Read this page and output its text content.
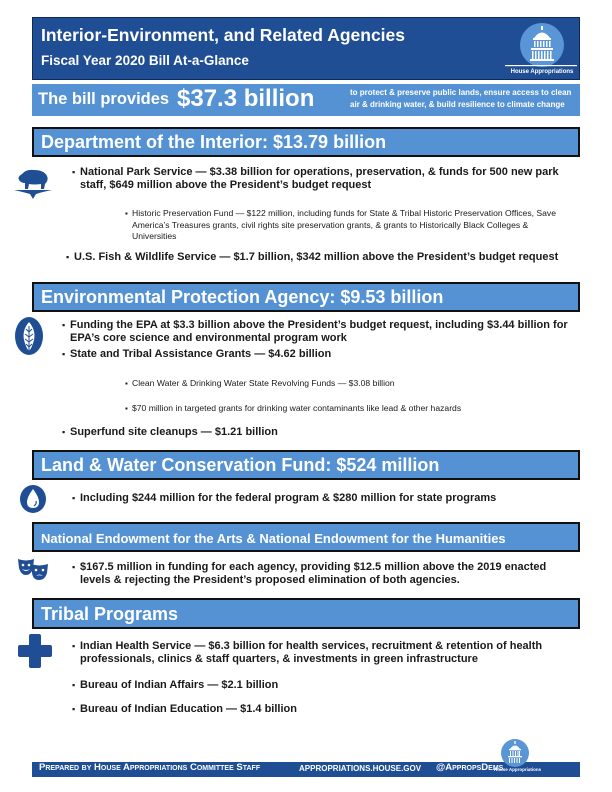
Interior-Environment, and Related Agencies
Fiscal Year 2020 Bill At-a-Glance
House Appropriations
The bill provides $37.3 billion	to protect & preserve public lands, ensure access to clean air & drinking water, & build resilience to climate change
Department of the Interior: $13.79 billion
▪ National Park Service — $3.38 billion for operations, preservation, & funds for 500 new park staff, $649 million above the President’s budget request
▪ Historic Preservation Fund — $122 million, including funds for State & Tribal Historic Preservation Offices, Save America’s Treasures grants, civil rights site preservation grants, & grants to Historically Black Colleges & Universities
▪ U.S. Fish & Wildlife Service — $1.7 billion, $342 million above the President’s budget request
Environmental Protection Agency: $9.53 billion
▪ Funding the EPA at $3.3 billion above the President’s budget request, including $3.44 billion for EPA’s core science and environmental program work
▪ State and Tribal Assistance Grants — $4.62 billion
▪ Clean Water & Drinking Water State Revolving Funds — $3.08 billion
▪ $70 million in targeted grants for drinking water contaminants like lead & other hazards
▪ Superfund site cleanups — $1.21 billion
Land & Water Conservation Fund: $524 million
▪ Including $244 million for the federal program & $280 million for state programs
National Endowment for the Arts & National Endowment for the Humanities
▪ $167.5 million in funding for each agency, providing $12.5 million above the 2019 enacted levels & rejecting the President’s proposed elimination of both agencies.
Tribal Programs
▪ Indian Health Service — $6.3 billion for health services, recruitment & retention of health professionals, clinics & staff quarters, & investments in green infrastructure
▪ Bureau of Indian Affairs — $2.1 billion
▪ Bureau of Indian Education — $1.4 billion
Prepared by House Appropriations Committee Staff	APPROPRIATIONS.HOUSE.GOV @AppropsDems
House Appropriations
